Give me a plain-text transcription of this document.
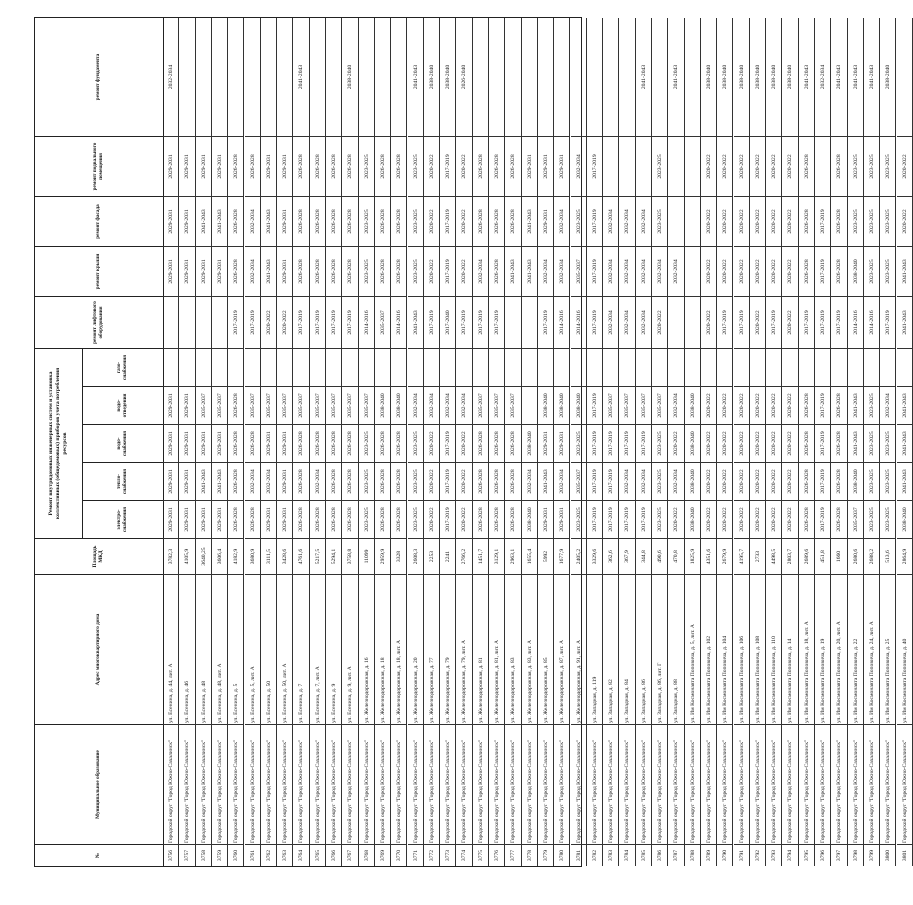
№
Муниципальное образование
Адрес многоквартирного дома
Площадь МКД
Ремонт внутридомовых инженерных систем и установка коллективных (общедомовых) приборов учета потребления ресурсов
электро-снабжения
тепло-снабжения
водо-снабжения
водо-отведения
газо-снабжения
ремонт лифтового оборудования
ремонт крыши
ремонт фасада
ремонт подвального помещения
ремонт фундамента
3756
Городской округ "Город Южно-Сахалинск"
ул. Есенина, д. 44, лит. А
3782,3
2029-2031
2029-2031
2029-2031
2029-2031
2029-2031
2029-2031
2029-2031
2032-2034
3757
Городской округ "Город Южно-Сахалинск"
ул. Есенина, д. 46
4105,9
2029-2031
2029-2031
2029-2031
2029-2031
2029-2031
2029-2031
2029-2031
3758
Городской округ "Город Южно-Сахалинск"
ул. Есенина, д. 48
3640,25
2029-2031
2041-2043
2029-2031
2035-2037
2029-2031
2041-2043
2029-2031
3759
Городской округ "Город Южно-Сахалинск"
ул. Есенина, д. 48, лит. А
3606,4
2029-2031
2041-2043
2029-2031
2035-2037
2029-2031
2041-2043
2029-2031
3760
Городской округ "Город Южно-Сахалинск"
ул. Есенина, д. 5
4182,9
2026-2028
2026-2028
2026-2028
2026-2028
2017-2019
2026-2028
2026-2028
2026-2028
3761
Городской округ "Город Южно-Сахалинск"
ул. Есенина, д. 5, лит. А
3680,9
2026-2028
2032-2034
2026-2028
2035-2037
2017-2019
2032-2034
2032-2034
2026-2028
3762
Городской округ "Город Южно-Сахалинск"
ул. Есенина, д. 50
3111,5
2029-2031
2032-2034
2029-2031
2035-2037
2020-2022
2041-2043
2041-2043
2029-2031
3763
Городской округ "Город Южно-Сахалинск"
ул. Есенина, д. 50, лит. А
3428,6
2029-2031
2029-2031
2029-2031
2035-2037
2020-2022
2029-2031
2029-2031
2029-2031
3764
Городской округ "Город Южно-Сахалинск"
ул. Есенина, д. 7
4761,6
2026-2028
2026-2028
2026-2028
2035-2037
2017-2019
2026-2028
2026-2028
2026-2028
2041-2043
3765
Городской округ "Город Южно-Сахалинск"
ул. Есенина, д. 7, лит. А
5217,5
2026-2028
2032-2034
2026-2028
2035-2037
2017-2019
2026-2028
2026-2028
2026-2028
3766
Городской округ "Город Южно-Сахалинск"
ул. Есенина, д. 9
5294,1
2026-2028
2026-2028
2026-2028
2035-2037
2017-2019
2026-2028
2026-2028
2026-2028
3767
Городской округ "Город Южно-Сахалинск"
ул. Есенина, д. 9, лит. А
3758,8
2026-2028
2026-2028
2026-2028
2035-2037
2017-2019
2026-2028
2026-2028
2026-2028
2038-2040
3768
Городской округ "Город Южно-Сахалинск"
ул. Железнодорожная, д. 16
11099
2023-2025
2023-2025
2023-2025
2035-2037
2014-2016
2023-2025
2023-2025
2023-2025
3769
Городской округ "Город Южно-Сахалинск"
ул. Железнодорожная, д. 18
2959,9
2026-2028
2026-2028
2026-2028
2038-2040
2035-2037
2026-2028
2026-2028
2026-2028
3770
Городской округ "Город Южно-Сахалинск"
ул. Железнодорожная, д. 18, лит. А
3328
2026-2028
2026-2028
2026-2028
2038-2040
2014-2016
2026-2028
2026-2028
2026-2028
3771
Городской округ "Город Южно-Сахалинск"
ул. Железнодорожная, д. 20
2608,3
2023-2025
2023-2025
2023-2025
2032-2034
2041-2043
2023-2025
2023-2025
2023-2025
2041-2043
3772
Городской округ "Город Южно-Сахалинск"
ул. Железнодорожная, д. 77
2253
2020-2022
2020-2022
2020-2022
2032-2034
2017-2019
2020-2022
2020-2022
2020-2022
2038-2040
3773
Городской округ "Город Южно-Сахалинск"
ул. Железнодорожная, д. 79
2241
2017-2019
2017-2019
2017-2019
2032-2034
2017-2040
2017-2019
2017-2019
2017-2019
2038-2040
3774
Городской округ "Город Южно-Сахалинск"
ул. Железнодорожная, д. 79, лит. А
2766,2
2020-2022
2020-2022
2020-2022
2032-2034
2017-2019
2020-2022
2020-2022
2020-2022
2026-2040
3775
Городской округ "Город Южно-Сахалинск"
ул. Железнодорожная, д. 81
1451,7
2026-2028
2026-2028
2026-2028
2035-2037
2017-2019
2032-2034
2026-2028
2026-2028
3776
Городской округ "Город Южно-Сахалинск"
ул. Железнодорожная, д. 81, лит. А
3129,1
2026-2028
2026-2028
2026-2028
2035-2037
2017-2019
2026-2028
2026-2028
2026-2028
3777
Городской округ "Город Южно-Сахалинск"
ул. Железнодорожная, д. 83
2963,1
2026-2028
2026-2028
2026-2028
2035-2037
2041-2043
2026-2028
2026-2028
3778
Городской округ "Город Южно-Сахалинск"
ул. Железнодорожная, д. 83, лит. А
1655,4
2038-2040
2032-2034
2038-2040
2041-2043
2041-2043
2029-2031
3779
Городской округ "Город Южно-Сахалинск"
ул. Железнодорожная, д. 85
5992
2029-2031
2041-2043
2029-2031
2038-2040
2017-2019
2032-2034
2029-2031
2029-2031
3780
Городской округ "Город Южно-Сахалинск"
ул. Железнодорожная, д. 87, лит. А
1677,9
2029-2031
2032-2034
2029-2031
2038-2040
2014-2016
2032-2034
2032-2034
2029-2031
3781
Городской округ "Город Южно-Сахалинск"
ул. Железнодорожная, д. 91, лит. А
2405,2
2023-2025
2035-2037
2023-2025
2038-2040
2014-2016
2035-2037
2023-2025
2032-2034
3782
Городской округ "Город Южно-Сахалинск"
ул. Западная, д. 119
3329,6
2017-2019
2017-2019
2017-2019
2017-2019
2017-2019
2017-2019
2017-2019
2017-2019
3783
Городской округ "Город Южно-Сахалинск"
ул. Западная, д. 82
362,6
2017-2019
2017-2019
2017-2019
2035-2037
2032-2034
2032-2034
2032-2034
3784
Городской округ "Город Южно-Сахалинск"
ул. Западная, д. 84
367,9
2017-2019
2032-2034
2017-2019
2035-2037
2032-2034
2032-2034
2032-2034
3785
Городской округ "Город Южно-Сахалинск"
ул. Западная, д. 86
344,8
2017-2019
2032-2034
2017-2019
2035-2037
2032-2034
2032-2034
2032-2034
2041-2043
3786
Городской округ "Город Южно-Сахалинск"
ул. Западная, д. 86, лит. Г
490,6
2023-2025
2023-2025
2023-2025
2035-2037
2020-2022
2032-2034
2023-2025
2023-2025
3787
Городской округ "Город Южно-Сахалинск"
ул. Западная, д. 88
470,8
2020-2022
2032-2034
2020-2022
2032-2034
2032-2034
2041-2043
3788
Городской округ "Город Южно-Сахалинск"
ул. Им Космонавта Поповича, д. 5, лит. А
1825,9
2038-2040
2038-2040
2038-2040
2038-2040
3789
Городской округ "Город Южно-Сахалинск"
ул. Им Космонавта Поповича, д. 102
4351,6
2020-2022
2020-2022
2020-2022
2020-2022
2020-2022
2020-2022
2020-2022
2020-2022
2038-2040
3790
Городской округ "Город Южно-Сахалинск"
ул. Им Космонавта Поповича, д. 104
2679,9
2020-2022
2020-2022
2020-2022
2020-2022
2017-2019
2020-2022
2020-2022
2020-2022
2038-2040
3791
Городской округ "Город Южно-Сахалинск"
ул. Им Космонавта Поповича, д. 106
4195,7
2020-2022
2020-2022
2020-2022
2020-2022
2017-2019
2020-2022
2020-2022
2020-2022
2038-2040
3792
Городской округ "Город Южно-Сахалинск"
ул. Им Космонавта Поповича, д. 108
2733
2020-2022
2020-2022
2020-2022
2020-2022
2020-2022
2020-2022
2020-2022
2020-2022
2038-2040
3793
Городской округ "Город Южно-Сахалинск"
ул. Им Космонавта Поповича, д. 110
4498,5
2020-2022
2020-2022
2020-2022
2020-2022
2017-2019
2020-2022
2020-2022
2020-2022
2038-2040
3794
Городской округ "Город Южно-Сахалинск"
ул. Им Космонавта Поповича, д. 14
2803,7
2020-2022
2020-2022
2020-2022
2020-2022
2020-2022
2020-2022
2020-2022
2020-2022
2038-2040
3795
Городской округ "Город Южно-Сахалинск"
ул. Им Космонавта Поповича, д. 18, лит. А
2689,6
2026-2028
2026-2028
2026-2028
2026-2028
2017-2019
2026-2028
2026-2028
2026-2028
2041-2043
3796
Городской округ "Город Южно-Сахалинск"
ул. Им Космонавта Поповича, д. 19
451,8
2017-2019
2017-2019
2017-2019
2017-2019
2017-2019
2017-2019
2017-2019
2032-2034
3797
Городской округ "Город Южно-Сахалинск"
ул. Им Космонавта Поповича, д. 20, лит. А
1660
2026-2028
2026-2028
2026-2028
2026-2028
2017-2019
2026-2028
2026-2028
2026-2028
2041-2043
3798
Городской округ "Город Южно-Сахалинск"
ул. Им Космонавта Поповича, д. 22
2680,6
2035-2037
2038-2040
2041-2043
2041-2043
2014-2016
2038-2040
2023-2025
2023-2025
2041-2043
3799
Городской округ "Город Южно-Сахалинск"
ул. Им Космонавта Поповича, д. 24, лит. А
2688,2
2023-2025
2023-2025
2023-2025
2023-2025
2014-2016
2023-2025
2023-2025
2023-2025
2041-2043
3800
Городской округ "Город Южно-Сахалинск"
ул. Им Космонавта Поповича, д. 25
513,6
2023-2025
2023-2025
2023-2025
2032-2034
2017-2019
2023-2025
2023-2025
2023-2025
2038-2040
3801
Городской округ "Город Южно-Сахалинск"
ул. Им Космонавта Поповича, д. 40
2864,9
2038-2040
2041-2043
2041-2043
2041-2043
2041-2043
2041-2043
2020-2022
2020-2022
